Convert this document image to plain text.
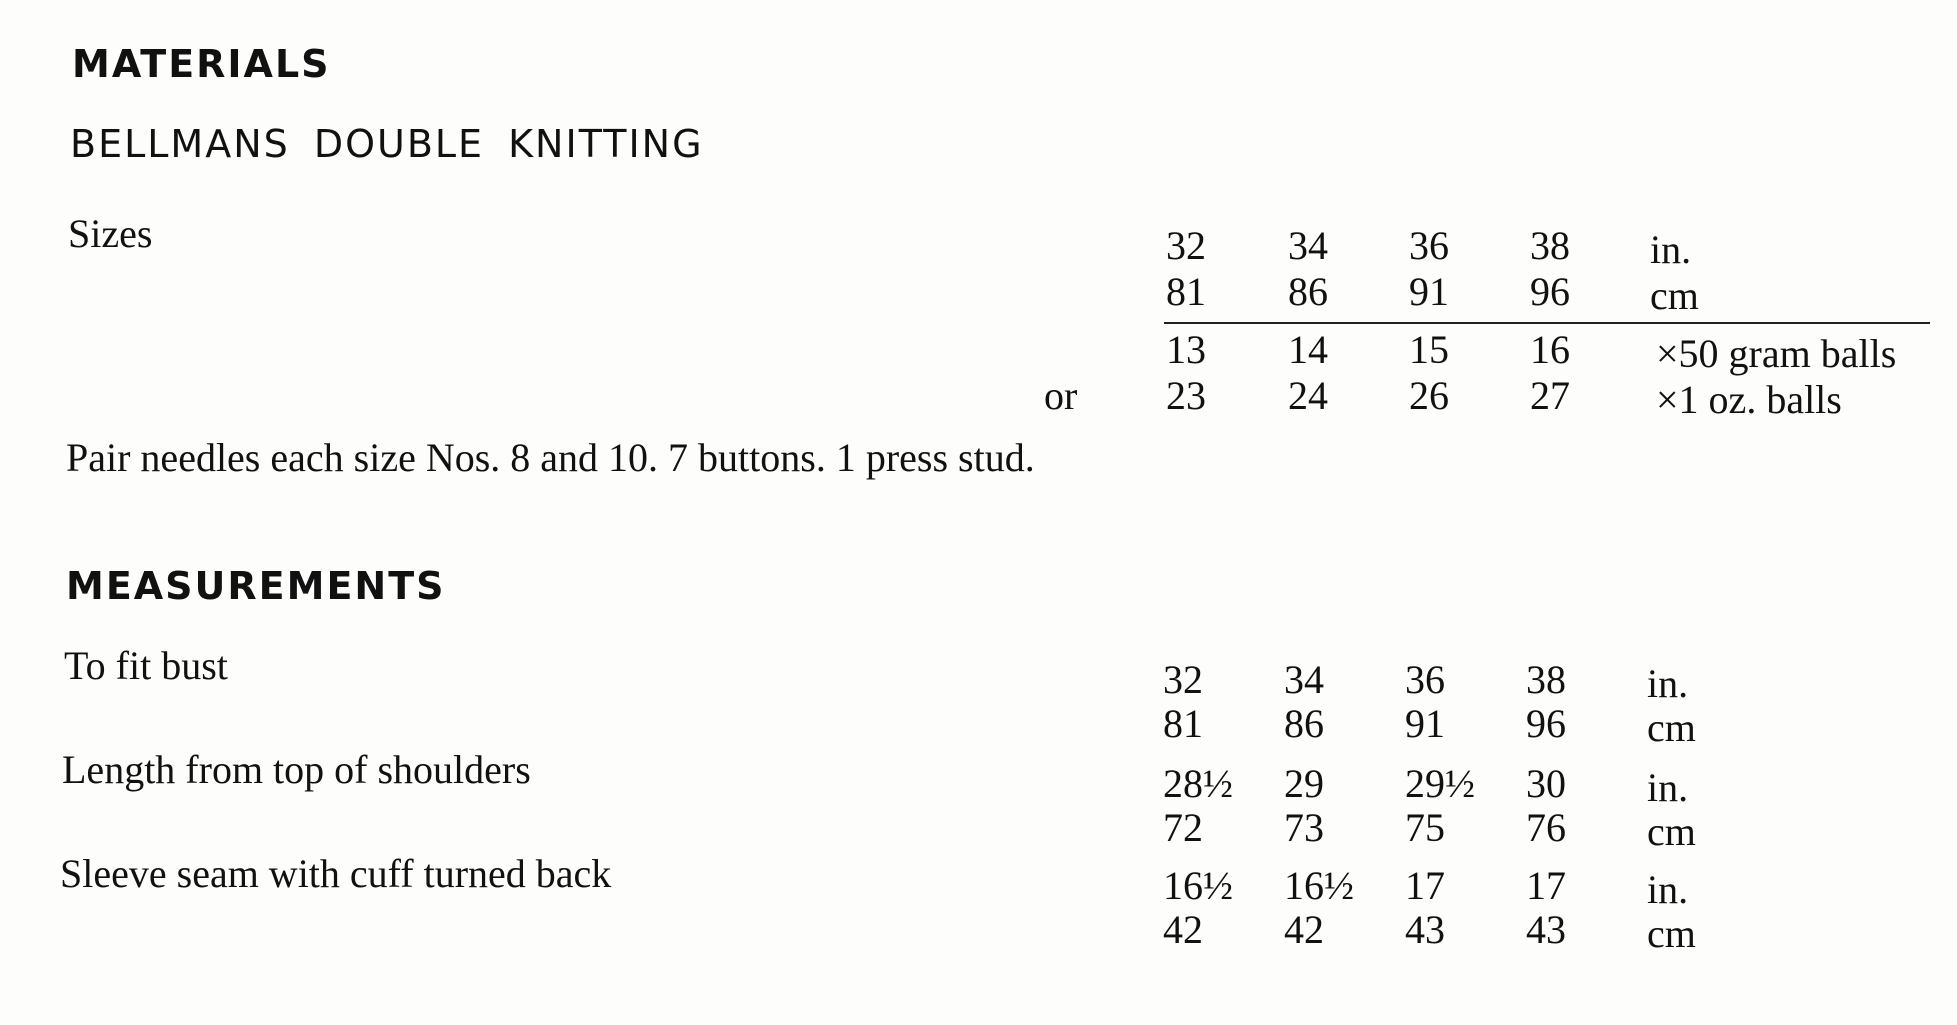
MATERIALS
BELLMANS DOUBLE KNITTING
Sizes	32 34 36 38 in.
81 86 91 96 cm
13 14 15 16 ×50 gram balls
or 23 24 26 27 ×1 oz. balls
Pair needles each size Nos. 8 and 10. 7 buttons. 1 press stud.
MEASUREMENTS
To fit bust	32 34 36 38 in.
81 86 91 96 cm
Length from top of shoulders	28½ 29 29½ 30 in.
72 73 75 76 cm
Sleeve seam with cuff turned back	16½ 16½ 17 17 in.
42 42 43 43 cm
